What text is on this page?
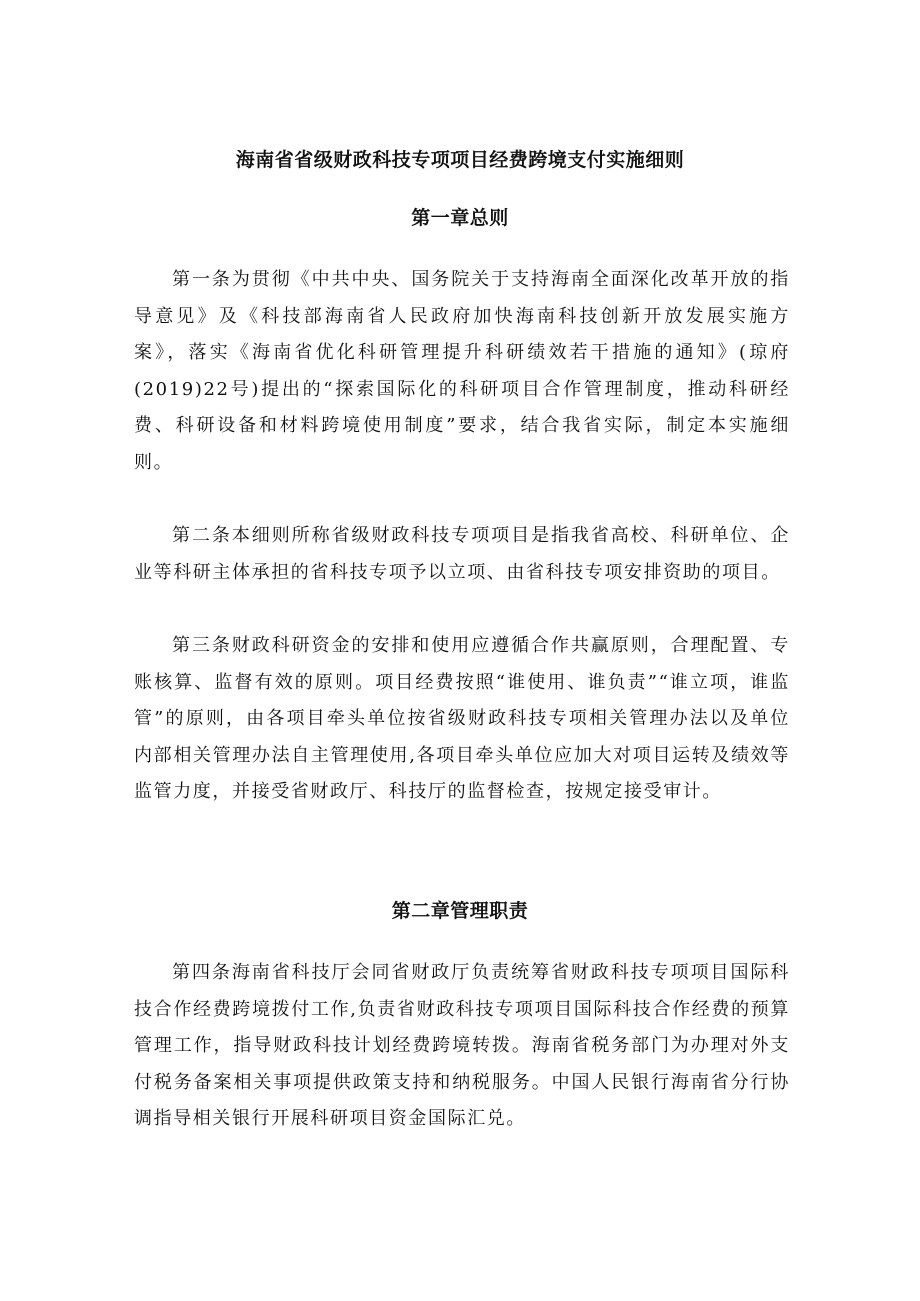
海南省省级财政科技专项项目经费跨境支付实施细则
第一章总则

第一条为贯彻《中共中央、国务院关于支持海南全面深化改革开放的指导意见》及《科技部海南省人民政府加快海南科技创新开放发展实施方案》，落实《海南省优化科研管理提升科研绩效若干措施的通知》(琼府(2019)22号)提出的“探索国际化的科研项目合作管理制度，推动科研经费、科研设备和材料跨境使用制度”要求，结合我省实际，制定本实施细则。

第二条本细则所称省级财政科技专项项目是指我省高校、科研单位、企业等科研主体承担的省科技专项予以立项、由省科技专项安排资助的项目。

第三条财政科研资金的安排和使用应遵循合作共赢原则，合理配置、专账核算、监督有效的原则。项目经费按照“谁使用、谁负责”“谁立项，谁监管”的原则，由各项目牵头单位按省级财政科技专项相关管理办法以及单位内部相关管理办法自主管理使用,各项目牵头单位应加大对项目运转及绩效等监管力度，并接受省财政厅、科技厅的监督检查，按规定接受审计。

第二章管理职责

第四条海南省科技厅会同省财政厅负责统筹省财政科技专项项目国际科技合作经费跨境拨付工作,负责省财政科技专项项目国际科技合作经费的预算管理工作，指导财政科技计划经费跨境转拨。海南省税务部门为办理对外支付税务备案相关事项提供政策支持和纳税服务。中国人民银行海南省分行协调指导相关银行开展科研项目资金国际汇兑。
